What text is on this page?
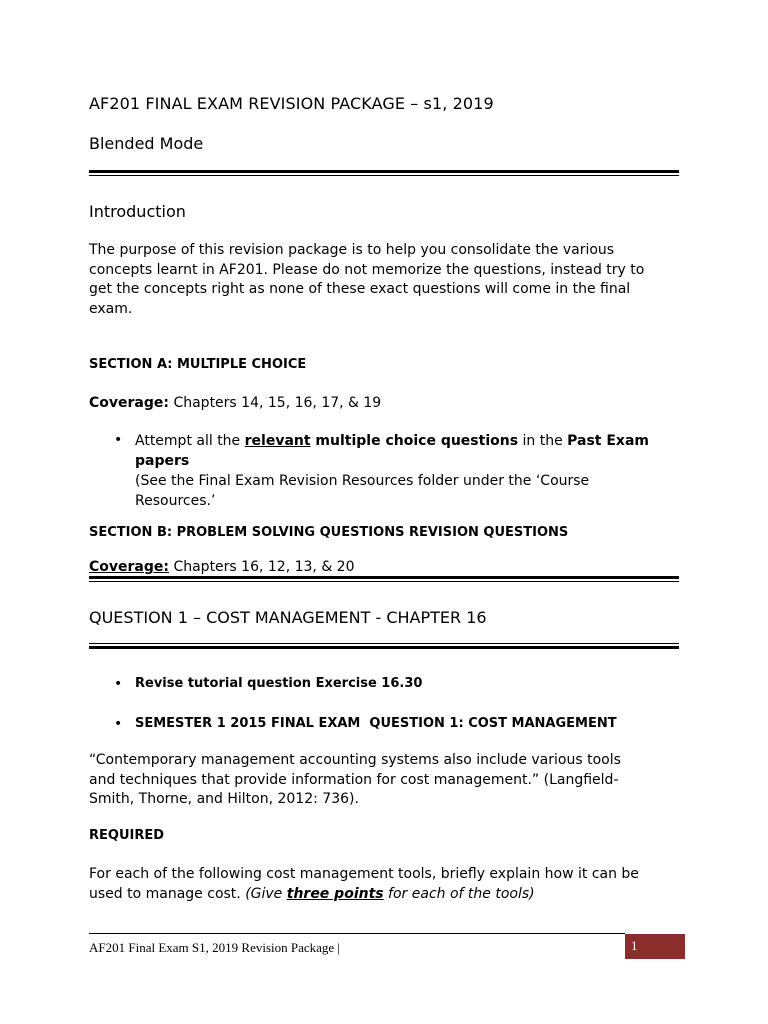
AF201 FINAL EXAM REVISION PACKAGE – s1, 2019
Blended Mode
Introduction
The purpose of this revision package is to help you consolidate the various
concepts learnt in AF201. Please do not memorize the questions, instead try to
get the concepts right as none of these exact questions will come in the final
exam.
SECTION A: MULTIPLE CHOICE
Coverage: Chapters 14, 15, 16, 17, & 19
• Attempt all the relevant multiple choice questions in the Past Exam papers
(See the Final Exam Revision Resources folder under the ‘Course
Resources.’
SECTION B: PROBLEM SOLVING QUESTIONS REVISION QUESTIONS
Coverage: Chapters 16, 12, 13, & 20
QUESTION 1 – COST MANAGEMENT - CHAPTER 16
• Revise tutorial question Exercise 16.30
• SEMESTER 1 2015 FINAL EXAM  QUESTION 1: COST MANAGEMENT
“Contemporary management accounting systems also include various tools
and techniques that provide information for cost management.” (Langfield-
Smith, Thorne, and Hilton, 2012: 736).
REQUIRED
For each of the following cost management tools, briefly explain how it can be
used to manage cost. (Give three points for each of the tools)
AF201 Final Exam S1, 2019 Revision Package |	1
